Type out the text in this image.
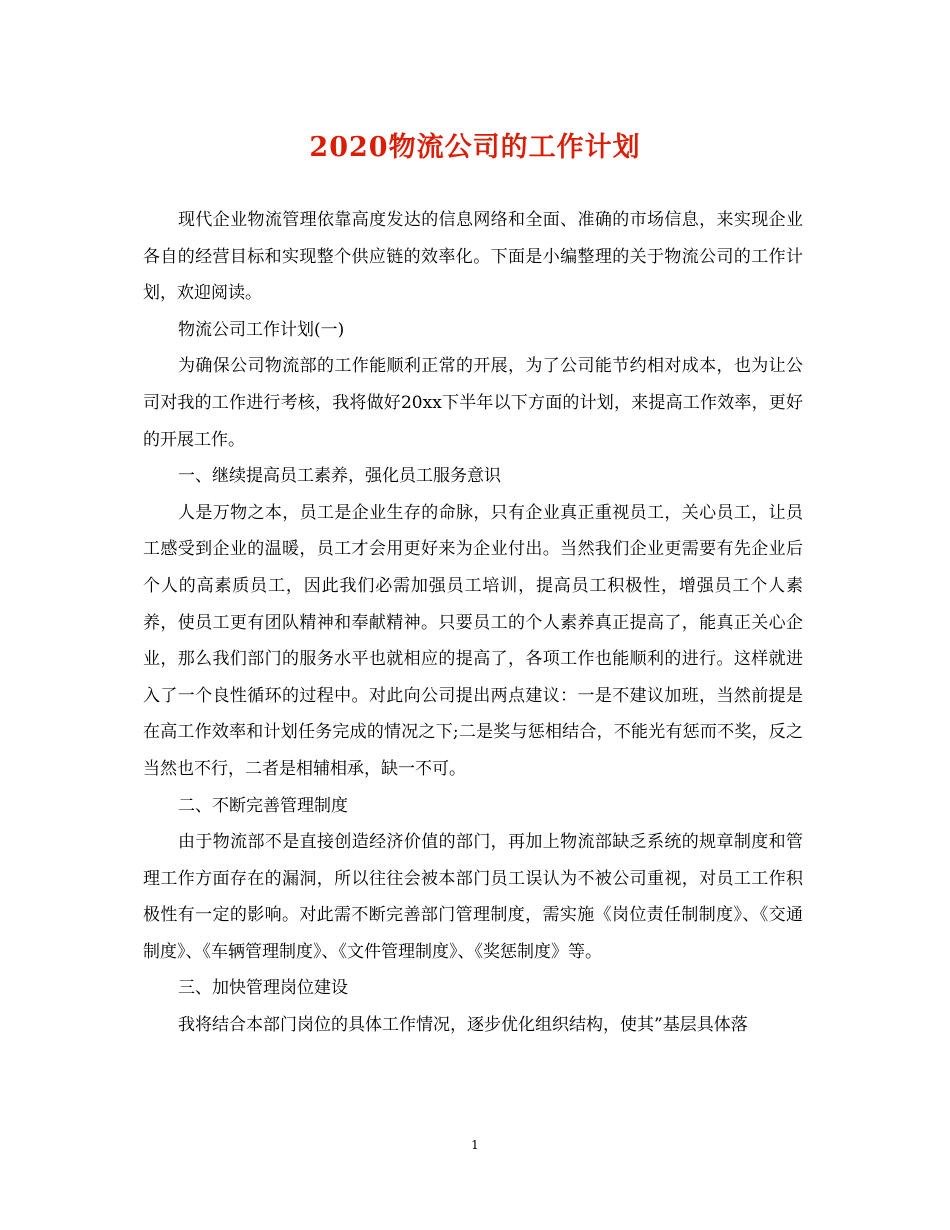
2020物流公司的工作计划

现代企业物流管理依靠高度发达的信息网络和全面、准确的市场信息，来实现企业各自的经营目标和实现整个供应链的效率化。下面是小编整理的关于物流公司的工作计划，欢迎阅读。

物流公司工作计划(一)

为确保公司物流部的工作能顺利正常的开展，为了公司能节约相对成本，也为让公司对我的工作进行考核，我将做好20xx下半年以下方面的计划，来提高工作效率，更好的开展工作。

一、继续提高员工素养，强化员工服务意识

人是万物之本，员工是企业生存的命脉，只有企业真正重视员工，关心员工，让员工感受到企业的温暖，员工才会用更好来为企业付出。当然我们企业更需要有先企业后个人的高素质员工，因此我们必需加强员工培训，提高员工积极性，增强员工个人素养，使员工更有团队精神和奉献精神。只要员工的个人素养真正提高了，能真正关心企业，那么我们部门的服务水平也就相应的提高了，各项工作也能顺利的进行。这样就进入了一个良性循环的过程中。对此向公司提出两点建议：一是不建议加班，当然前提是在高工作效率和计划任务完成的情况之下;二是奖与惩相结合，不能光有惩而不奖，反之当然也不行，二者是相辅相承，缺一不可。

二、不断完善管理制度

由于物流部不是直接创造经济价值的部门，再加上物流部缺乏系统的规章制度和管理工作方面存在的漏洞，所以往往会被本部门员工误认为不被公司重视，对员工工作积极性有一定的影响。对此需不断完善部门管理制度，需实施《岗位责任制制度》、《交通制度》、《车辆管理制度》、《文件管理制度》、《奖惩制度》等。

三、加快管理岗位建设

我将结合本部门岗位的具体工作情况，逐步优化组织结构，使其”基层具体落

1
